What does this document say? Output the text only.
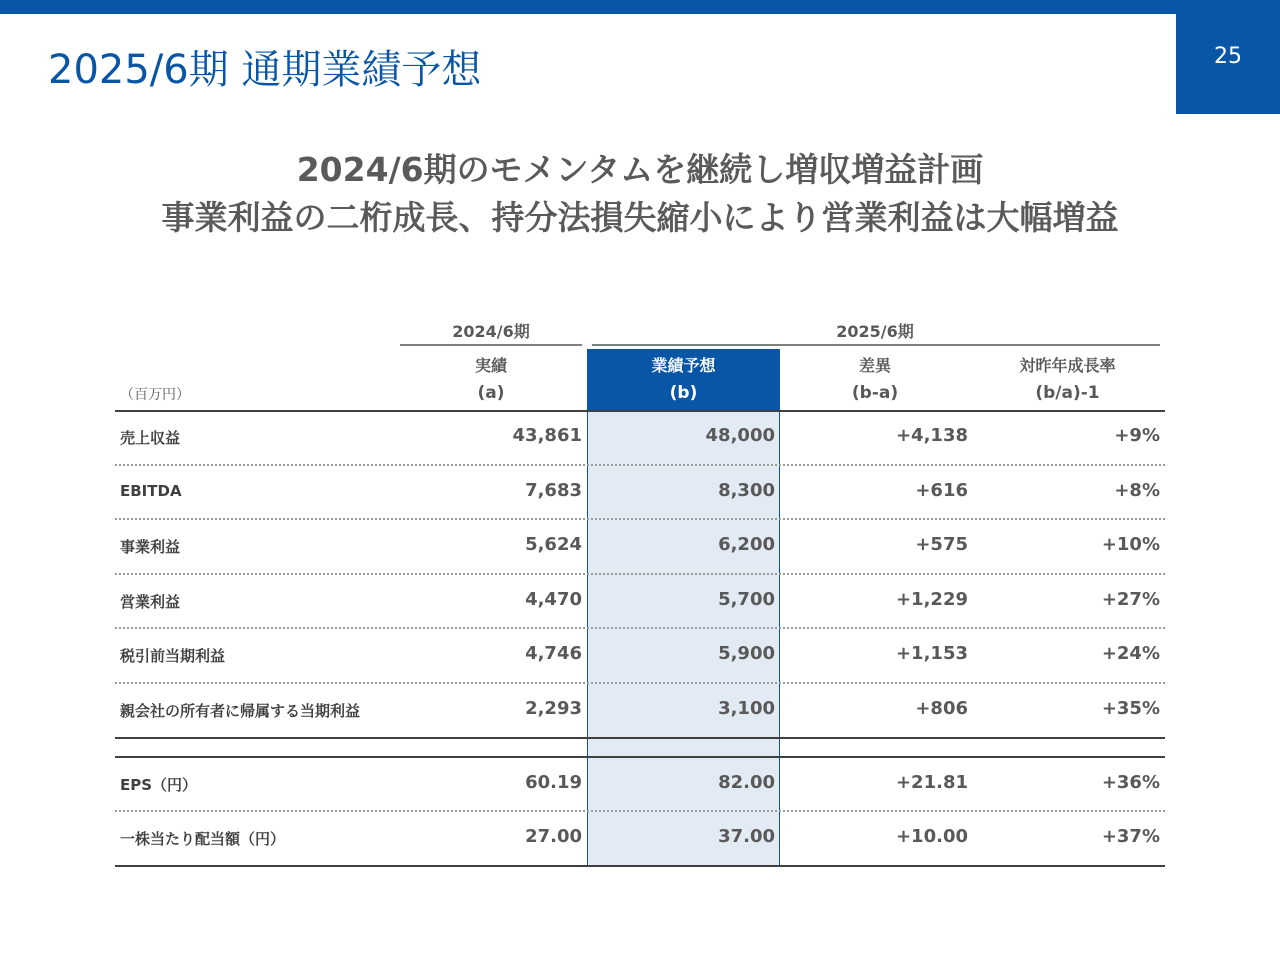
25
2025/6期 通期業績予想
2024/6期のモメンタムを継続し増収増益計画
事業利益の二桁成長、持分法損失縮小により営業利益は大幅増益
2024/6期	2025/6期
実績	業績予想	差異	対昨年成長率
（百万円）	(a)	(b)	(b-a)	(b/a)-1
売上収益	43,861	48,000	+4,138	+9%
EBITDA	7,683	8,300	+616	+8%
事業利益	5,624	6,200	+575	+10%
営業利益	4,470	5,700	+1,229	+27%
税引前当期利益	4,746	5,900	+1,153	+24%
親会社の所有者に帰属する当期利益	2,293	3,100	+806	+35%
EPS（円）	60.19	82.00	+21.81	+36%
一株当たり配当額（円）	27.00	37.00	+10.00	+37%
